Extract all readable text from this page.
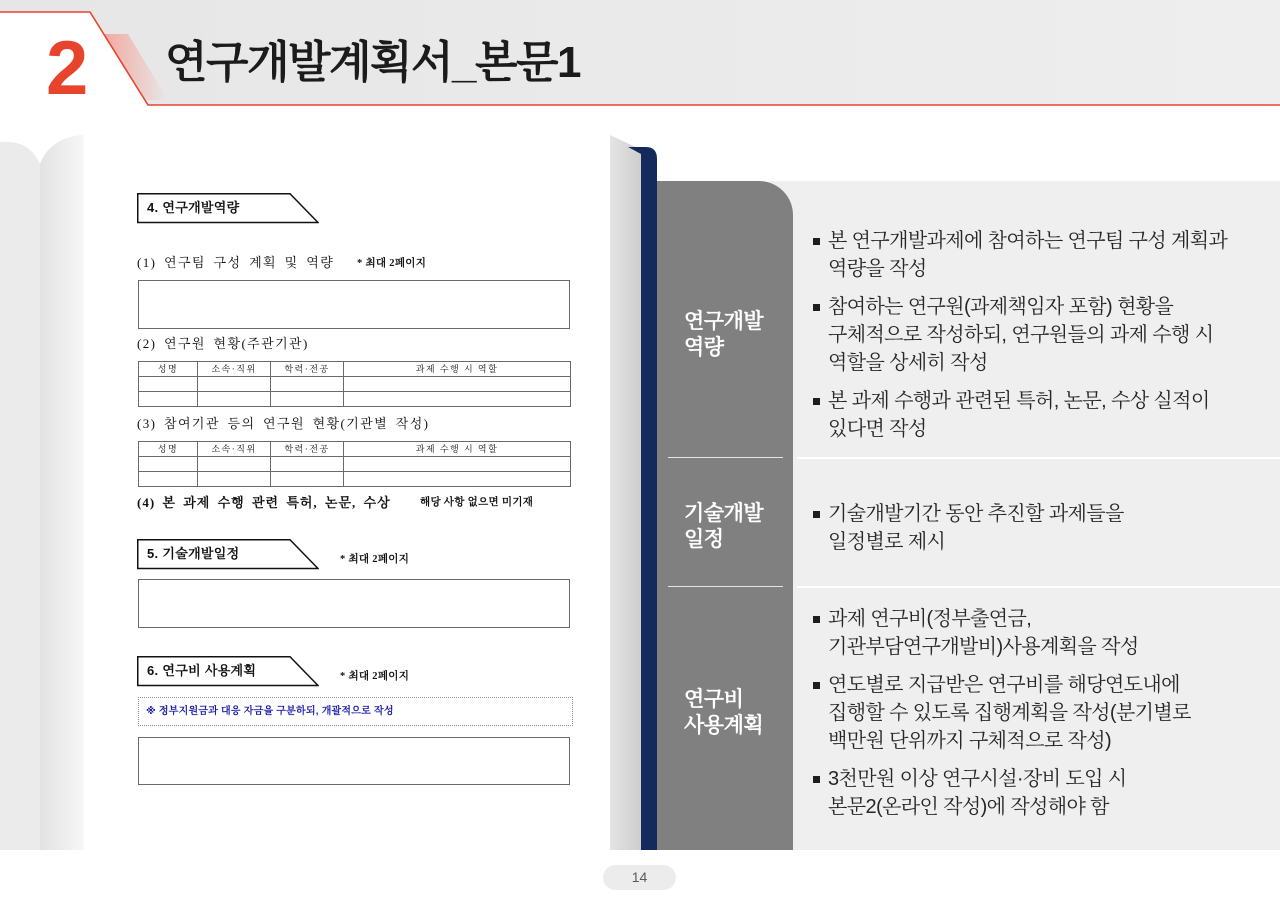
2 연구개발계획서_본문1
4. 연구개발역량
(1) 연구팀 구성 계획 및 역량 * 최대 2페이지
(2) 연구원 현황(주관기관)
성명	소속·직위	학력·전공	과제 수행 시 역할

(3) 참여기관 등의 연구원 현황(기관별 작성)
성명	소속·직위	학력·전공	과제 수행 시 역할

(4) 본 과제 수행 관련 특허, 논문, 수상	해당 사항 없으면 미기재
5. 기술개발일정	* 최대 2페이지
6. 연구비 사용계획	* 최대 2페이지
※ 정부지원금과 대응 자금을 구분하되, 개괄적으로 작성
연구개발
역량
본 연구개발과제에 참여하는 연구팀 구성 계획과
역량을 작성
참여하는 연구원(과제책임자 포함) 현황을
구체적으로 작성하되, 연구원들의 과제 수행 시
역할을 상세히 작성
본 과제 수행과 관련된 특허, 논문, 수상 실적이
있다면 작성
기술개발
일정
기술개발기간 동안 추진할 과제들을
일정별로 제시
연구비
사용계획
과제 연구비(정부출연금,
기관부담연구개발비)사용계획을 작성
연도별로 지급받은 연구비를 해당연도내에
집행할 수 있도록 집행계획을 작성(분기별로
백만원 단위까지 구체적으로 작성)
3천만원 이상 연구시설·장비 도입 시
본문2(온라인 작성)에 작성해야 함
14
